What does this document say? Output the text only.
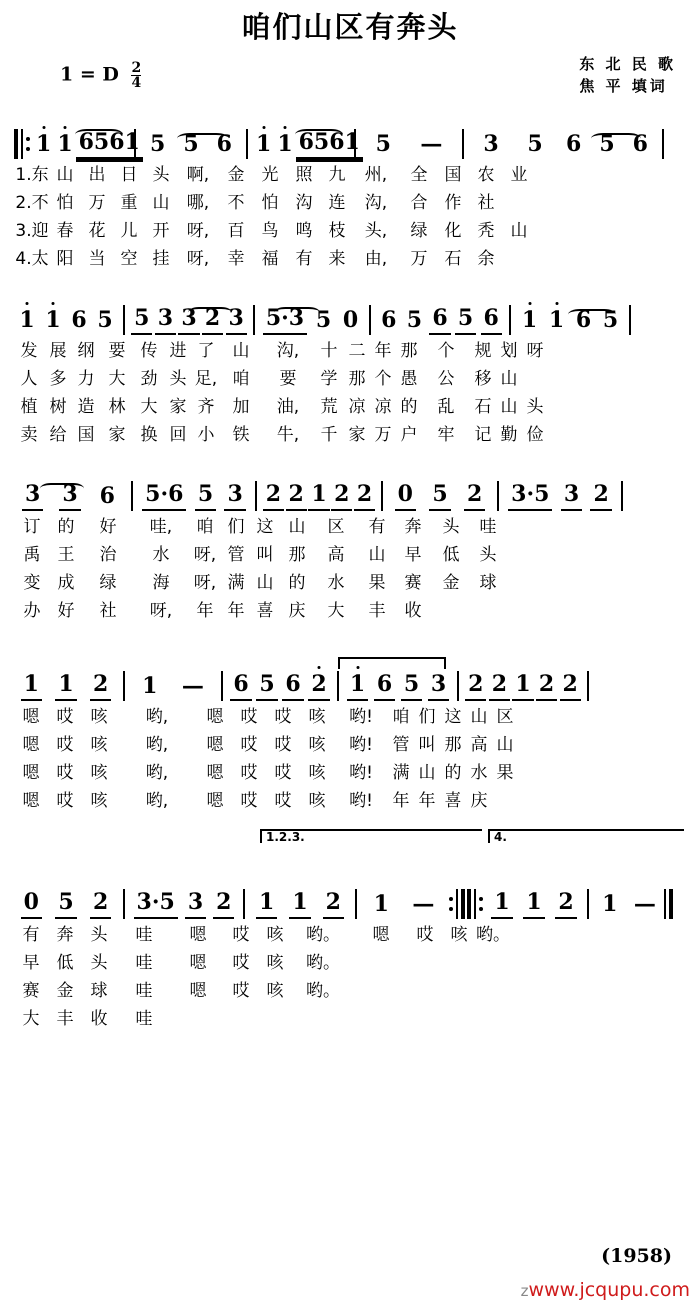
咱们山区有奔头
1 = D $\frac{2}{4}$	东 北 民 歌
焦 平 填词
1 1 6561 5 5 6 1 1 6561 5 — 3 5 6 5 6
1.东 山 出 日 头	啊,	金	光	照 九	州,	全	国 农 业
2.不 怕 万 重 山	哪,	不	怕	沟 连	沟,	合	作 社
3.迎 春 花 儿 开	呀,	百	鸟	鸣 枝	头,	绿	化 秃 山
4.太 阳 当 空 挂	呀,	幸	福	有 来	由,	万	石 余
1 1 6 5 5 3 3 2 3 5·3 5 0 6 5 6 5 6 1 1 6 5
发 展 纲 要 传 进 了	山	沟,	十 二 年 那	个	规 划 呀
人 多 力 大 劲 头 足, 咱	要	学 那 个 愚	公	移 山
植 树 造 林 大 家 齐	加	油,	荒 凉 凉 的	乱	石 山 头
卖 给 国 家 换 回 小	铁	牛,	千 家 万 户	牢	记 勤 俭
3 3 6 5·6 5 3 2 2 1 2 2 0 5 2 3·5 3 2
订	的	好	哇,	咱 们 这 山	区	有	奔	头	哇
禹	王	治	水	呀, 管 叫 那	高	山	早	低	头
变	成	绿	海	呀, 满 山 的	水	果	赛	金	球
办	好	社	呀,	年 年 喜 庆	大	丰	收
1 1 2 1 — 6 5 6 2 1 6 5 3 2 2 1 2 2
嗯	哎	咳	哟,	嗯	哎	哎	咳	哟!	咱 们 这 山 区
嗯	哎	咳	哟,	嗯	哎	哎	咳	哟!	管 叫 那 高 山
嗯	哎	咳	哟,	嗯	哎	哎	咳	哟!	满 山 的 水 果
嗯	哎	咳	哟,	嗯	哎	哎	咳	哟!	年 年 喜 庆
1.2.3.	4.
0 5 2 3·5 3 2 1 1 2 1 —	1 1 2 1 —
有	奔	头	哇	嗯	哎	咳	哟。	嗯	哎	咳 哟。
早	低	头	哇	嗯	哎	咳	哟。
赛	金	球	哇	嗯	哎	咳	哟。
大	丰	收	哇
(1958)
zwww.jcqupu.com
